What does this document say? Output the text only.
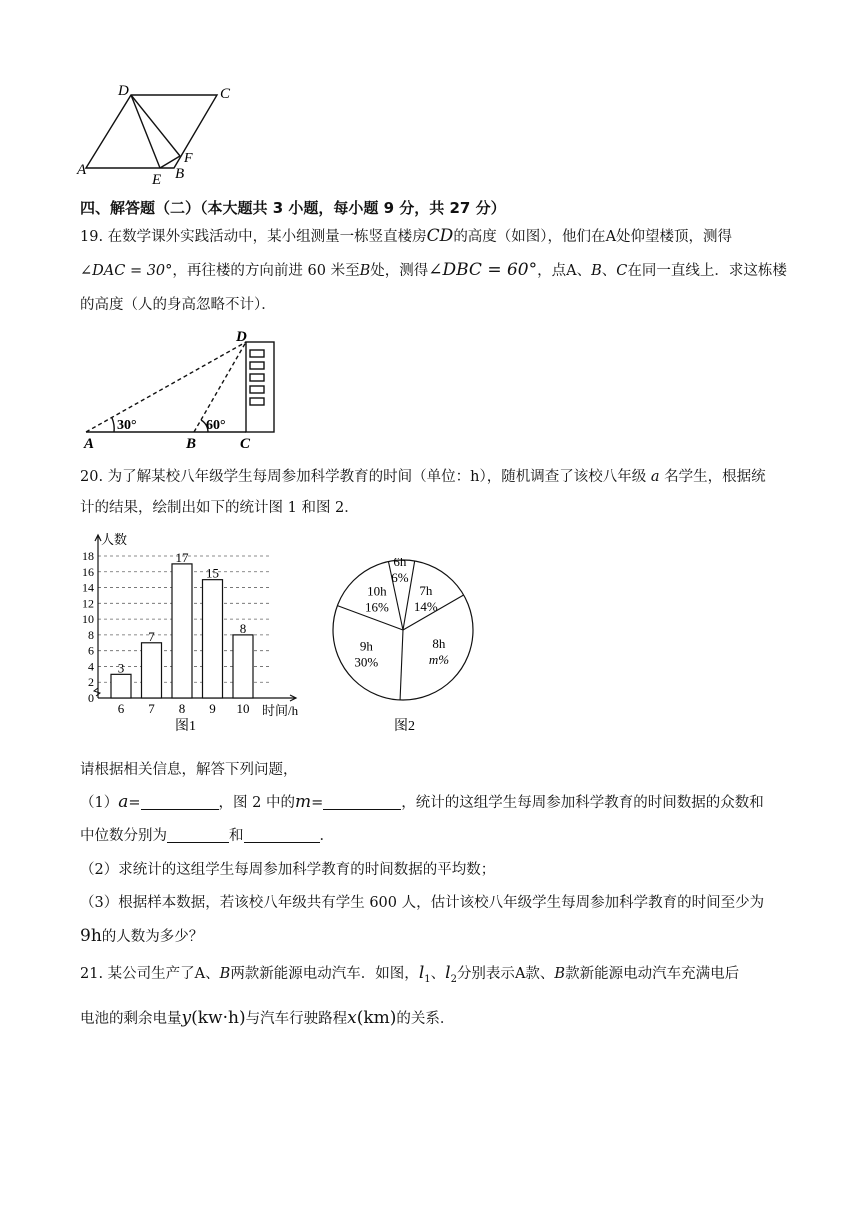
D	C
A
E B
F
四、解答题（二）（本大题共 3 小题，每小题 9 分，共 27 分）
19. 在数学课外实践活动中，某小组测量一栋竖直楼房CD的高度（如图），他们在A处仰望楼顶，测得
∠DAC = 30°，再往楼的方向前进 60 米至B处，测得∠DBC = 60°，点A、B、C在同一直线上．求这栋楼
的高度（人的身高忽略不计）．
30°	60°
D
A	B	C
20. 为了解某校八年级学生每周参加科学教育的时间（单位：h），随机调查了该校八年级 a 名学生，根据统
计的结果，绘制出如下的统计图 1 和图 2．
0
2
4
6
8
10
12
14
16
18
人数
时间/h
3
6
7
7
17
8
15
9
8
10
图1
6h
6%
7h
14%
8h
m%
9h
30%
10h
16%
图2
请根据相关信息，解答下列问题，
（1）a=	，图 2 中的m=	，统计的这组学生每周参加科学教育的时间数据的众数和
中位数分别为	和	．
（2）求统计的这组学生每周参加科学教育的时间数据的平均数；
（3）根据样本数据，若该校八年级共有学生 600 人，估计该校八年级学生每周参加科学教育的时间至少为
9h的人数为多少？
21. 某公司生产了A、B两款新能源电动汽车．如图，$l_1$、$l_2$分别表示A款、B款新能源电动汽车充满电后
电池的剩余电量y(kw·h)与汽车行驶路程x(km)的关系．
